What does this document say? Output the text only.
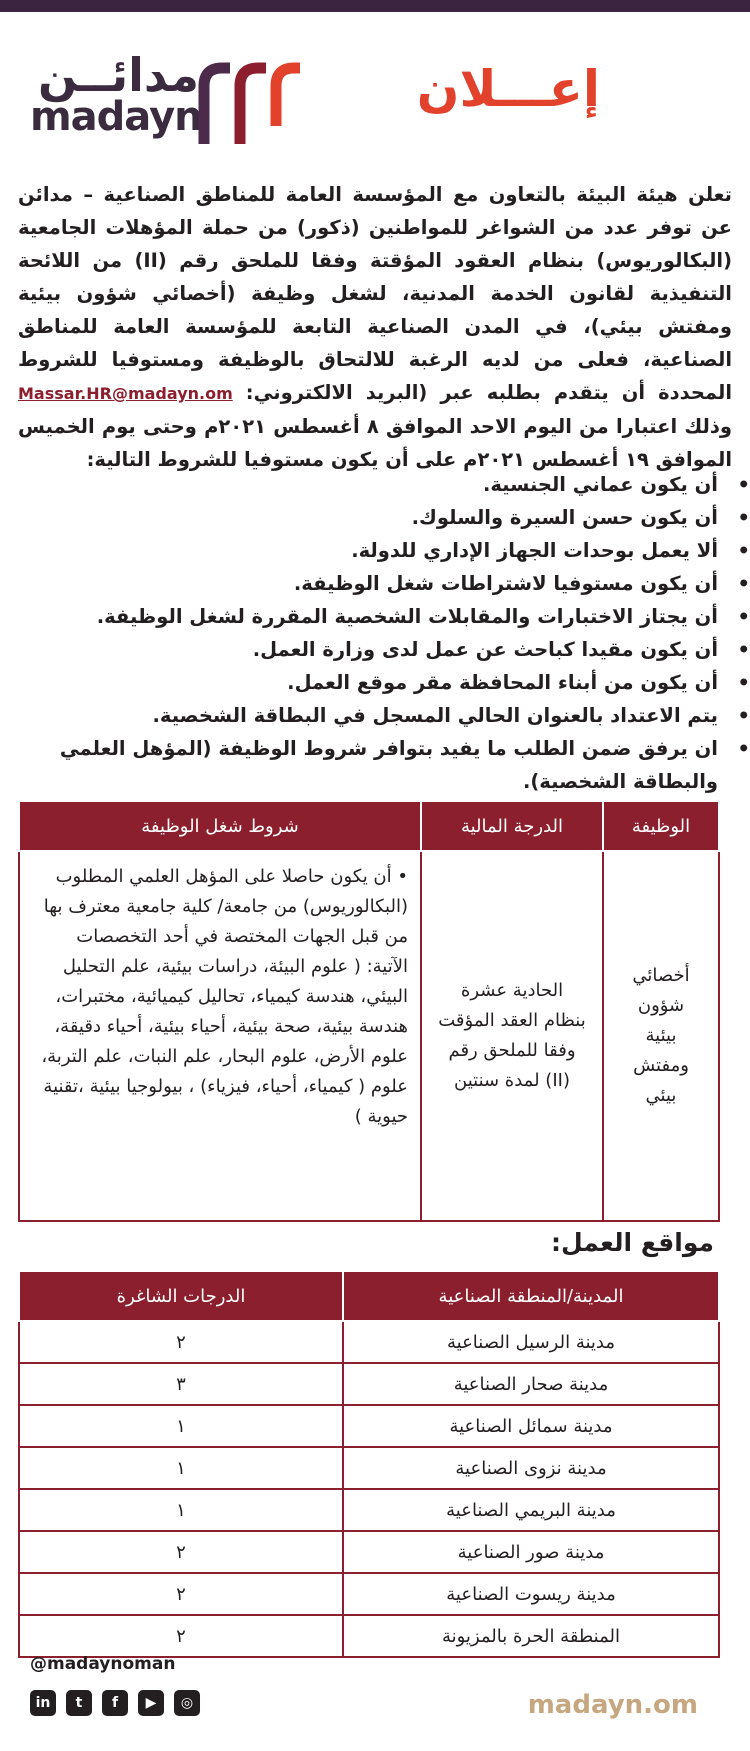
مدائــن
madayn	إعـــلان
تعلن هيئة البيئة بالتعاون مع المؤسسة العامة للمناطق الصناعية – مدائن عن توفر عدد من الشواغر للمواطنين (ذكور) من حملة المؤهلات الجامعية (البكالوريوس) بنظام العقود المؤقتة وفقا للملحق رقم (II) من اللائحة التنفيذية لقانون الخدمة المدنية، لشغل وظيفة (أخصائي شؤون بيئية ومفتش بيئي)، في المدن الصناعية التابعة للمؤسسة العامة للمناطق الصناعية، فعلى من لديه الرغبة للالتحاق بالوظيفة ومستوفيا للشروط المحددة أن يتقدم بطلبه عبر (البريد الالكتروني: Massar.HR@madayn.om وذلك اعتبارا من اليوم الاحد الموافق ٨ أغسطس ٢٠٢١م وحتى يوم الخميس الموافق ١٩ أغسطس ٢٠٢١م على أن يكون مستوفيا للشروط التالية:
• أن يكون عماني الجنسية.
• أن يكون حسن السيرة والسلوك.
• ألا يعمل بوحدات الجهاز الإداري للدولة.
• أن يكون مستوفيا لاشتراطات شغل الوظيفة.
• أن يجتاز الاختبارات والمقابلات الشخصية المقررة لشغل الوظيفة.
• أن يكون مقيدا كباحث عن عمل لدى وزارة العمل.
• أن يكون من أبناء المحافظة مقر موقع العمل.
• يتم الاعتداد بالعنوان الحالي المسجل في البطاقة الشخصية.
• ان يرفق ضمن الطلب ما يفيد بتوافر شروط الوظيفة (المؤهل العلمي والبطاقة الشخصية).
الوظيفة	الدرجة المالية	شروط شغل الوظيفة
أخصائي شؤون بيئية ومفتش بيئي	الحادية عشرة بنظام العقد المؤقت وفقا للملحق رقم (II) لمدة سنتين	• أن يكون حاصلا على المؤهل العلمي المطلوب (البكالوريوس) من جامعة/ كلية جامعية معترف بها من قبل الجهات المختصة في أحد التخصصات الآتية: ( علوم البيئة، دراسات بيئية، علم التحليل البيئي، هندسة كيمياء، تحاليل كيميائية، مختبرات، هندسة بيئية، صحة بيئية، أحياء بيئية، أحياء دقيقة، علوم الأرض، علوم البحار، علم النبات، علم التربة، علوم ( كيمياء، أحياء، فيزياء) ، بيولوجيا بيئية ،تقنية حيوية )
مواقع العمل:
المدينة/المنطقة الصناعية	الدرجات الشاغرة
مدينة الرسيل الصناعية	٢
مدينة صحار الصناعية	٣
مدينة سمائل الصناعية	١
مدينة نزوى الصناعية	١
مدينة البريمي الصناعية	١
مدينة صور الصناعية	٢
مدينة ريسوت الصناعية	٢
المنطقة الحرة بالمزيونة	٢
@madaynoman
in	t	f	▶	◎	madayn.om
